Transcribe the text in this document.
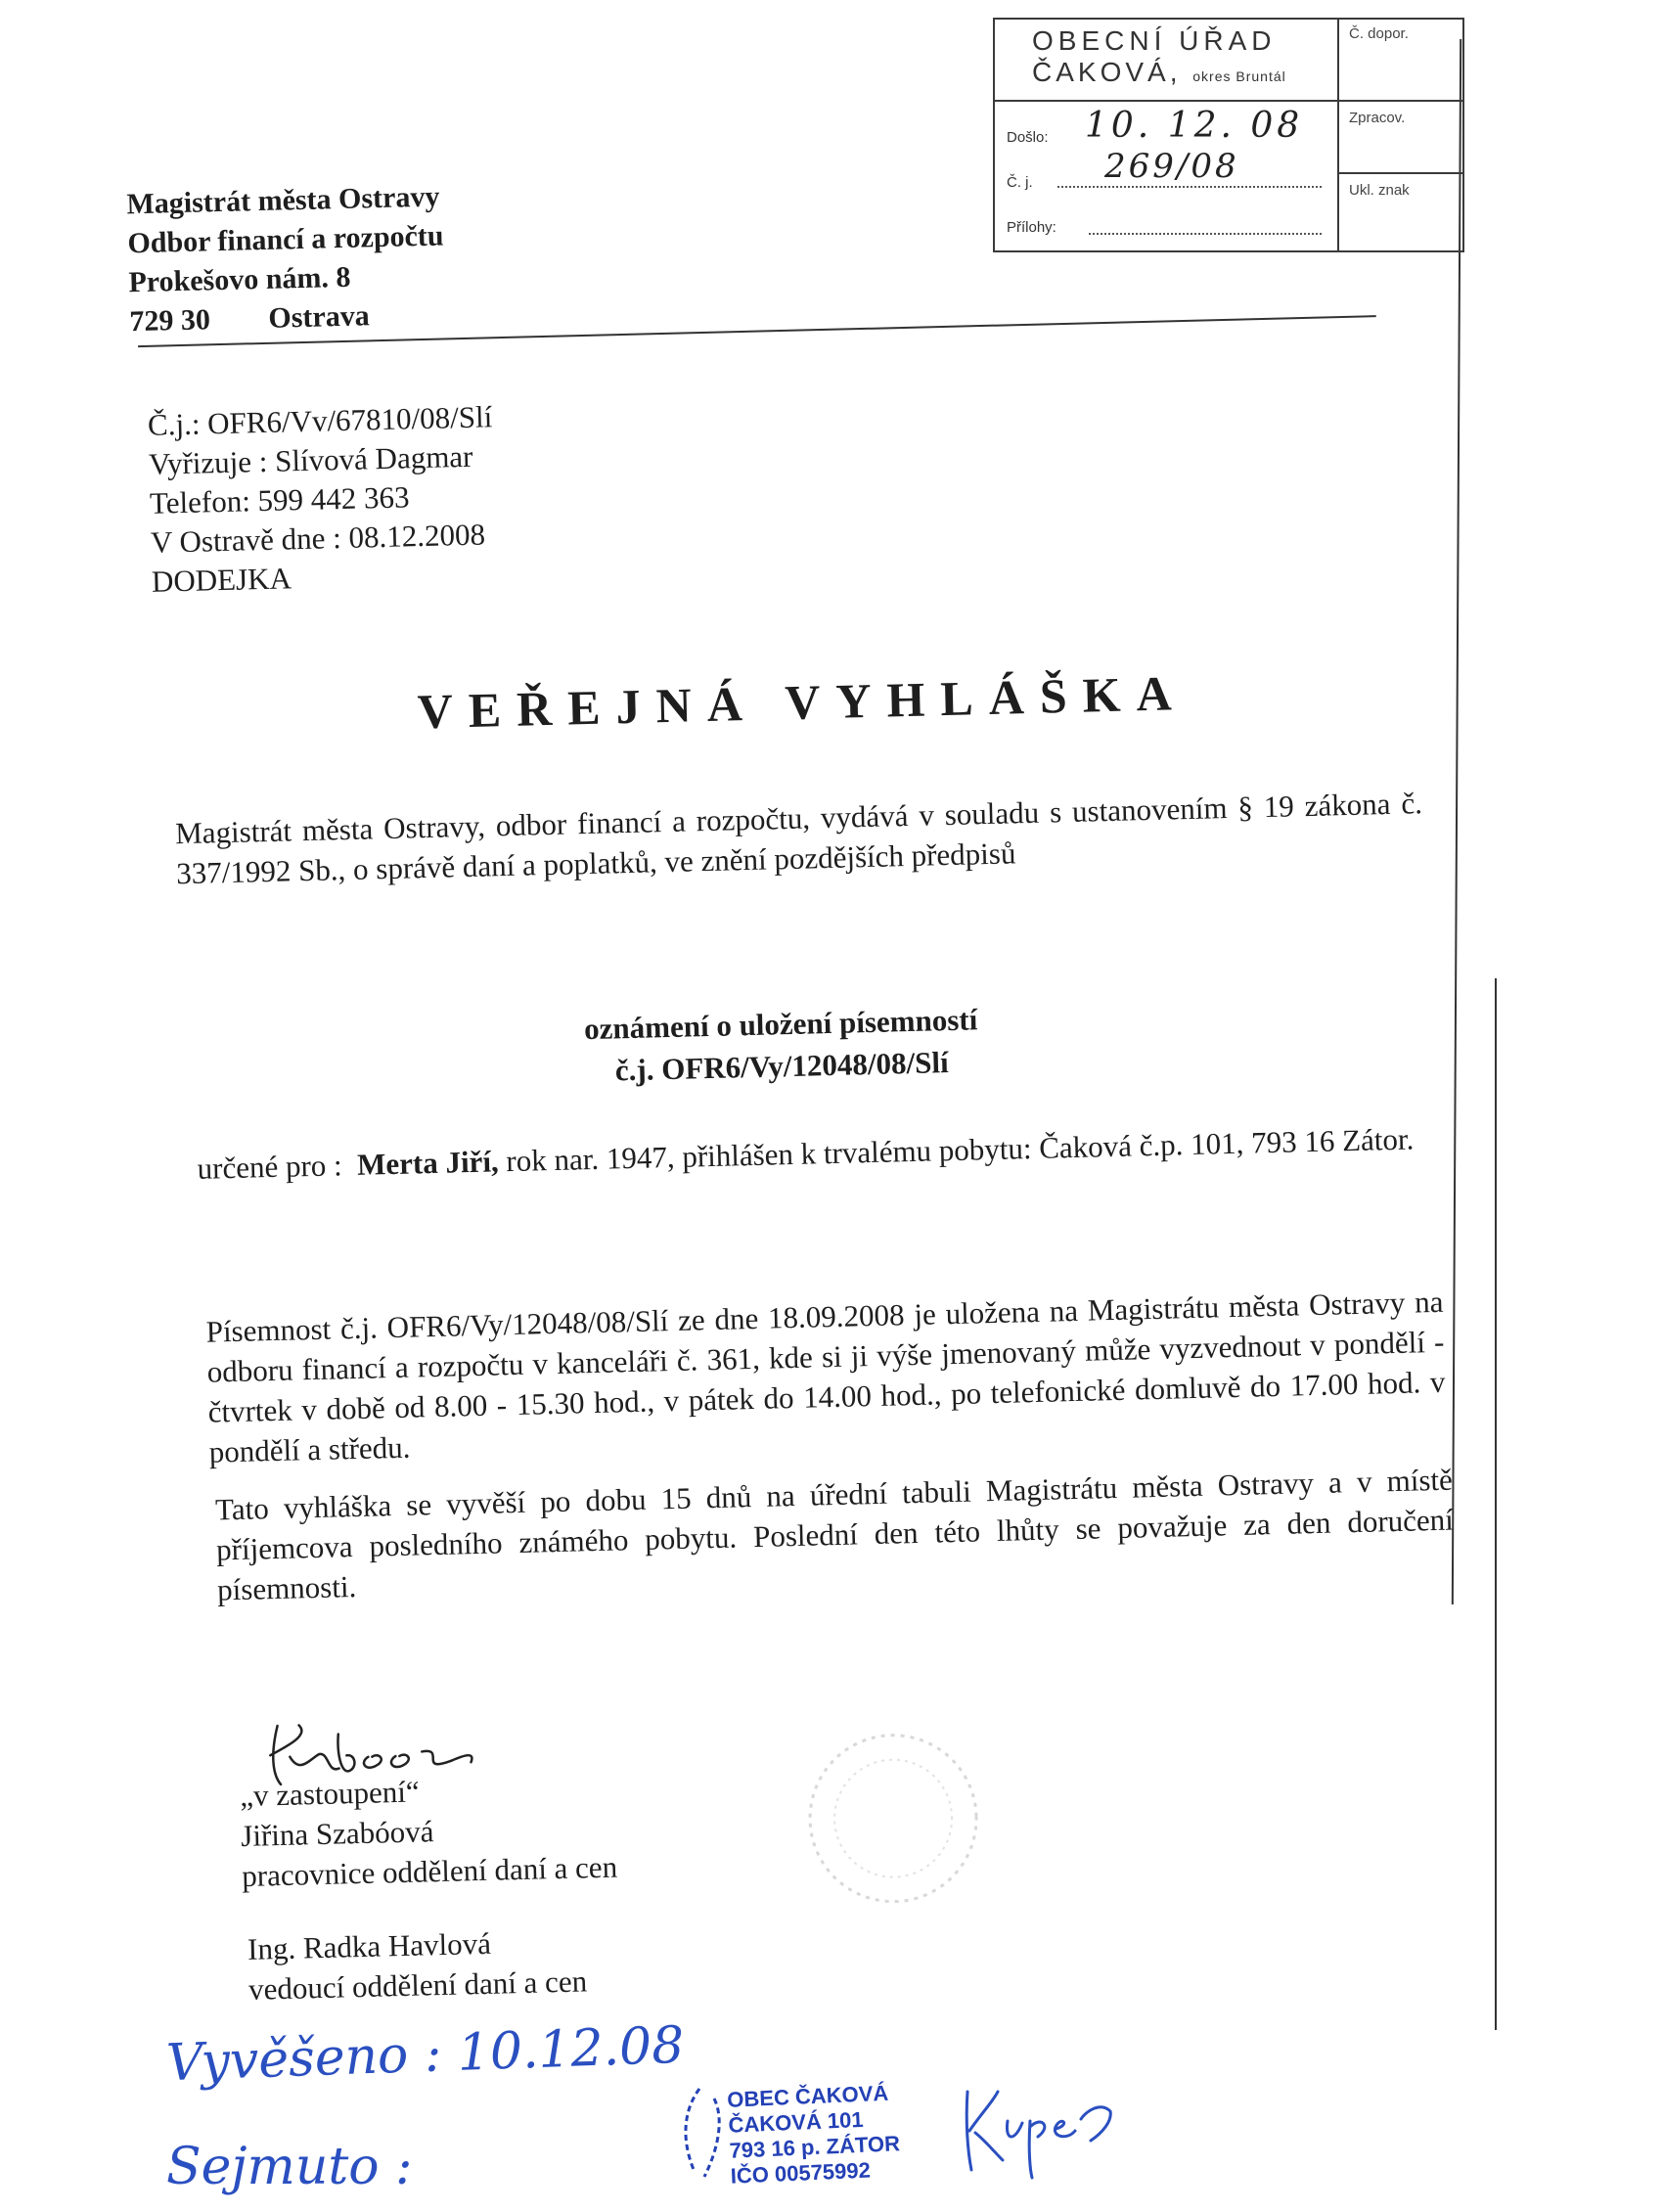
OBECNÍ ÚŘAD
ČAKOVÁ, okres Bruntál
Č. dopor.
Zpracov.
Ukl. znak
Došlo:
Č. j.
Přílohy:
10. 12. 08
269/08
Magistrát města Ostravy
Odbor financí a rozpočtu
Prokešovo nám. 8
729 30 Ostrava
Č.j.: OFR6/Vv/67810/08/Slí
Vyřizuje : Slívová Dagmar
Telefon: 599 442 363
V Ostravě dne : 08.12.2008
DODEJKA
VEŘEJNÁ VYHLÁŠKA
Magistrát města Ostravy, odbor financí a rozpočtu, vydává v souladu s ustanovením § 19 zákona č. 337/1992 Sb., o správě daní a poplatků, ve znění pozdějších předpisů
oznámení o uložení písemností
č.j. OFR6/Vy/12048/08/Slí
určené pro : Merta Jiří, rok nar. 1947, přihlášen k trvalému pobytu: Čaková č.p. 101, 793 16 Zátor.
Písemnost č.j. OFR6/Vy/12048/08/Slí ze dne 18.09.2008 je uložena na Magistrátu města Ostravy na odboru financí a rozpočtu v kanceláři č. 361, kde si ji výše jmenovaný může vyzvednout v pondělí - čtvrtek v době od 8.00 - 15.30 hod., v pátek do 14.00 hod., po telefonické domluvě do 17.00 hod. v pondělí a středu.
Tato vyhláška se vyvěší po dobu 15 dnů na úřední tabuli Magistrátu města Ostravy a v místě příjemcova posledního známého pobytu. Poslední den této lhůty se považuje za den doručení písemnosti.
„v zastoupení“
Jiřina Szabóová
pracovnice oddělení daní a cen
Ing. Radka Havlová
vedoucí oddělení daní a cen
Vyvěšeno : 10.12.08
Sejmuto :
OBEC ČAKOVÁ
ČAKOVÁ 101
793 16 p. ZÁTOR
IČO 00575992
